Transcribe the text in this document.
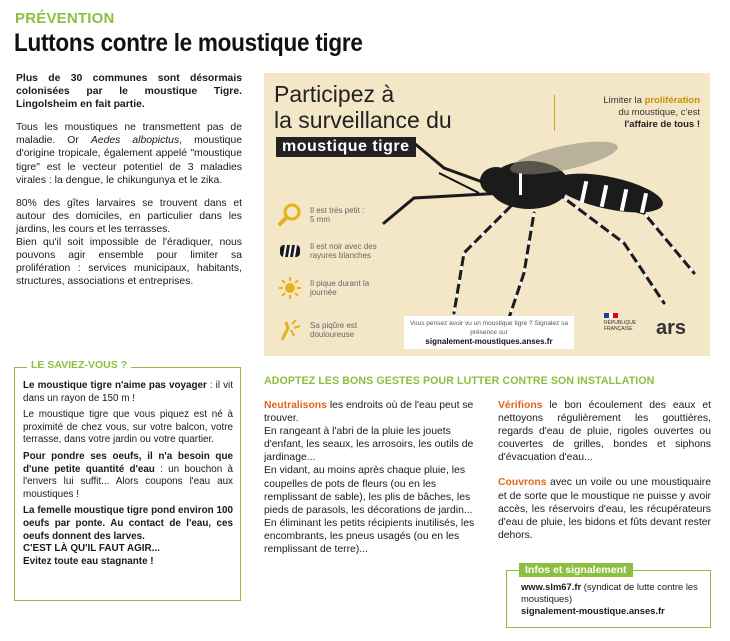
PRÉVENTION
Luttons contre le moustique tigre

Plus de 30 communes sont désormais colonisées par le moustique Tigre. Lingolsheim en fait partie.

Tous les moustiques ne transmettent pas de maladie. Or Aedes albopictus, moustique d'origine tropicale, également appelé "moustique tigre" est le vecteur potentiel de 3 maladies virales : la dengue, le chikungunya et le zika.

80% des gîtes larvaires se trouvent dans et autour des domiciles, en particulier dans les jardins, les cours et les terrasses.

Bien qu'il soit impossible de l'éradiquer, nous pouvons agir ensemble pour limiter sa prolifération : services municipaux, habitants, structures, associations et entreprises.

LE SAVIEZ-VOUS ?

Le moustique tigre n'aime pas voyager : il vit dans un rayon de 150 m !

Le moustique tigre que vous piquez est né à proximité de chez vous, sur votre balcon, votre terrasse, dans votre jardin ou votre quartier.

Pour pondre ses oeufs, il n'a besoin que d'une petite quantité d'eau : un bouchon à l'envers lui suffit... Alors coupons l'eau aux moustiques !

La femelle moustique tigre pond environ 100 oeufs par ponte. Au contact de l'eau, ces oeufs donnent des larves.

C'EST LÀ QU'IL FAUT AGIR...

Evitez toute eau stagnante !

Participez à
la surveillance du
moustique tigre
Limiter la prolifération
du moustique, c'est
l'affaire de tous !
Il est très petit : 5 mm
Il est noir avec des rayures blanches
Il pique durant la journée
Sa piqûre est douloureuse
Vous pensez avoir vu un moustique tigre ? Signalez sa présence sur
signalement-moustiques.anses.fr
RÉPUBLIQUE FRANÇAISE	ars
ADOPTEZ LES BONS GESTES POUR LUTTER CONTRE SON INSTALLATION

Neutralisons les endroits où de l'eau peut se trouver.

En rangeant à l'abri de la pluie les jouets d'enfant, les seaux, les arrosoirs, les outils de jardinage...

En vidant, au moins après chaque pluie, les coupelles de pots de fleurs (ou en les remplissant de sable), les plis de bâches, les pieds de parasols, les décorations de jardin...

En éliminant les petits récipients inutilisés, les encombrants, les pneus usagés (ou en les remplissant de terre)...

Vérifions le bon écoulement des eaux et nettoyons régulièrement les gouttières, regards d'eau de pluie, rigoles ouvertes ou couvertes de grilles, bondes et siphons d'évacuation d'eau...

Couvrons avec un voile ou une moustiquaire et de sorte que le moustique ne puisse y avoir accès, les réservoirs d'eau, les récupérateurs d'eau de pluie, les bidons et fûts devant rester dehors.

Infos et signalement
www.slm67.fr (syndicat de lutte contre les moustiques)
signalement-moustique.anses.fr
